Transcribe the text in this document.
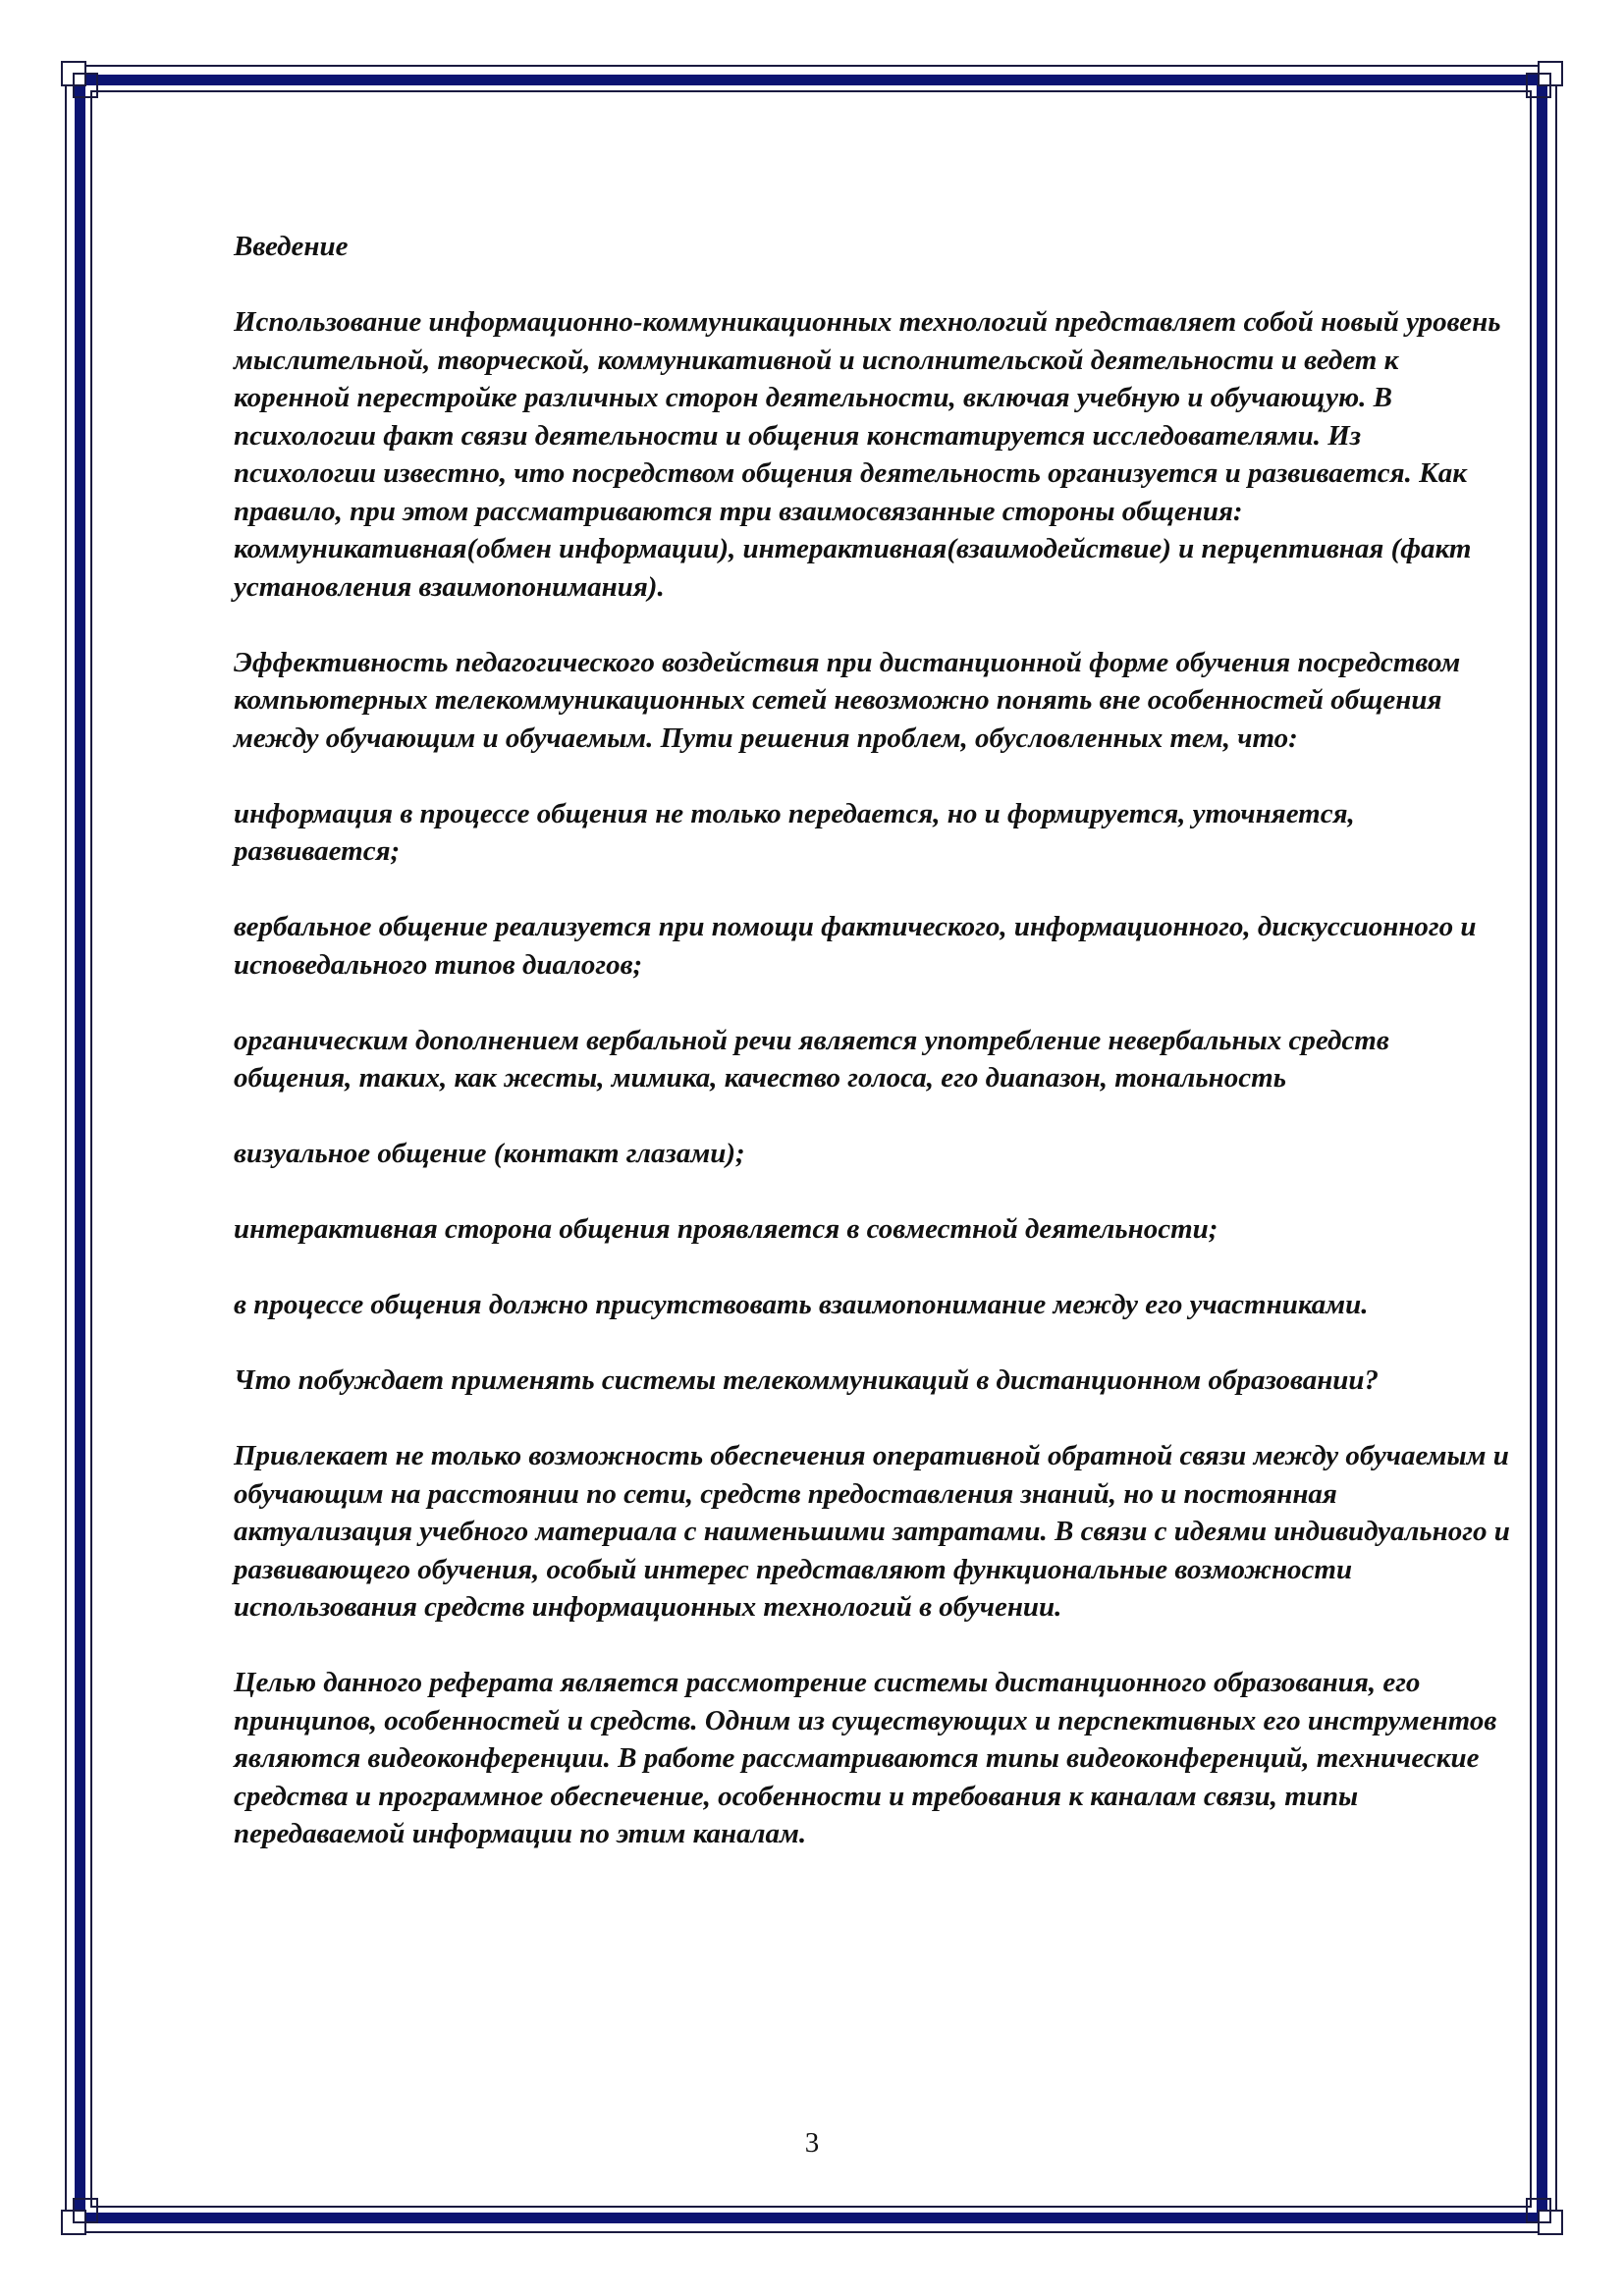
Введение

Использование информационно-коммуникационных технологий представляет собой новый уровень мыслительной, творческой, коммуникативной и исполнительской деятельности и ведет к коренной перестройке различных сторон деятельности, включая учебную и обучающую. В психологии факт связи деятельности и общения констатируется исследователями. Из психологии известно, что посредством общения деятельность организуется и развивается. Как правило, при этом рассматриваются три взаимосвязанные стороны общения: коммуникативная(обмен информации), интерактивная(взаимодействие) и перцептивная (факт установления взаимопонимания).

Эффективность педагогического воздействия при дистанционной форме обучения посредством компьютерных телекоммуникационных сетей невозможно понять вне особенностей общения между обучающим и обучаемым. Пути решения проблем, обусловленных тем, что:

информация в процессе общения не только передается, но и формируется, уточняется, развивается;

вербальное общение реализуется при помощи фактического, информационного, дискуссионного и исповедального типов диалогов;

органическим дополнением вербальной речи является употребление невербальных средств общения, таких, как жесты, мимика, качество голоса, его диапазон, тональность

визуальное общение (контакт глазами);

интерактивная сторона общения проявляется в совместной деятельности;

в процессе общения должно присутствовать взаимопонимание между его участниками.

Что побуждает применять системы телекоммуникаций в дистанционном образовании?

Привлекает не только возможность обеспечения оперативной обратной связи между обучаемым и обучающим на расстоянии по сети, средств предоставления знаний, но и постоянная актуализация учебного материала с наименьшими затратами. В связи с идеями индивидуального и развивающего обучения, особый интерес представляют функциональные возможности использования средств информационных технологий в обучении.

Целью данного реферата является рассмотрение системы дистанционного образования, его принципов, особенностей и средств. Одним из существующих и перспективных его инструментов являются видеоконференции. В работе рассматриваются типы видеоконференций, технические средства и программное обеспечение, особенности и требования к каналам связи, типы передаваемой информации по этим каналам.

3
